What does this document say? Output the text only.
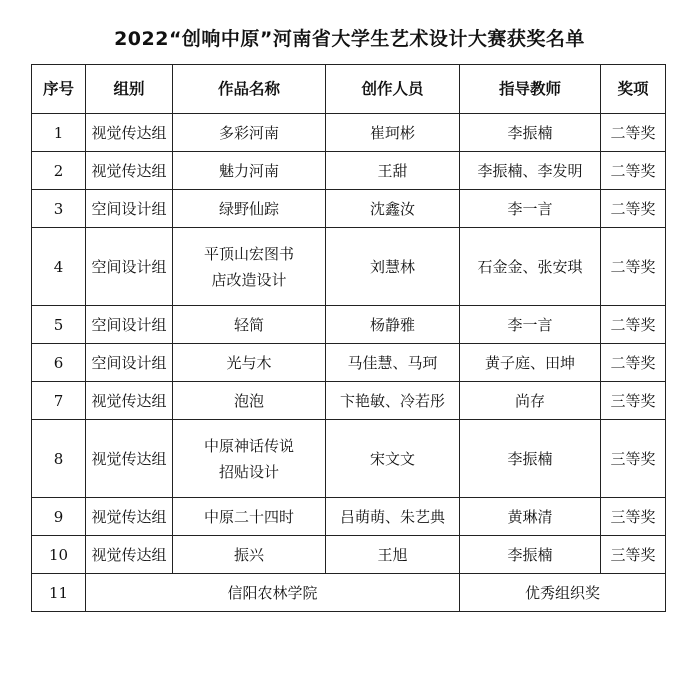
2022“创响中原”河南省大学生艺术设计大赛获奖名单
序号	组别	作品名称	创作人员	指导教师	奖项
1	视觉传达组	多彩河南	崔珂彬	李振楠	二等奖
2	视觉传达组	魅力河南	王甜	李振楠、李发明	二等奖
3	空间设计组	绿野仙踪	沈鑫汝	李一言	二等奖
4	空间设计组	平顶山宏图书
店改造设计	刘慧林	石金金、张安琪	二等奖
5	空间设计组	轻简	杨静雅	李一言	二等奖
6	空间设计组	光与木	马佳慧、马珂	黄子庭、田坤	二等奖
7	视觉传达组	泡泡	卞艳敏、冷若彤	尚存	三等奖
8	视觉传达组	中原神话传说
招贴设计	宋文文	李振楠	三等奖
9	视觉传达组	中原二十四时	吕萌萌、朱艺典	黄琳清	三等奖
10	视觉传达组	振兴	王旭	李振楠	三等奖
11	信阳农林学院			优秀组织奖	
